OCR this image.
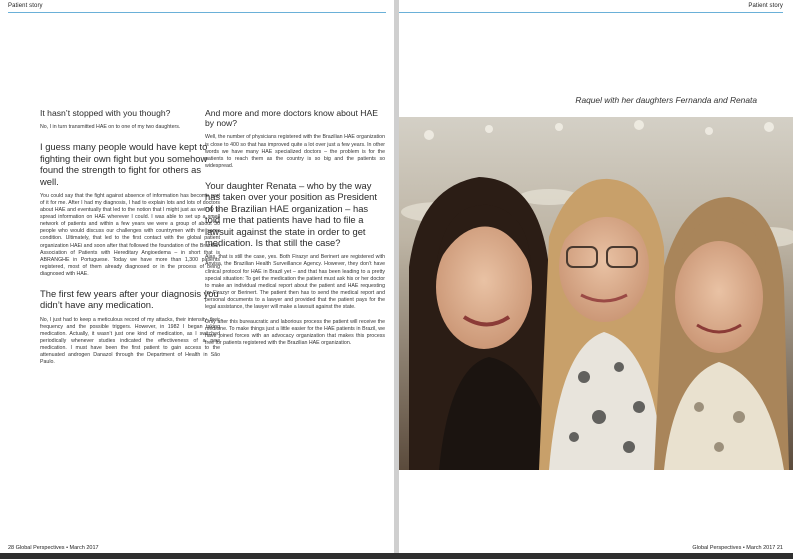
Patient story
It hasn’t stopped with you though?

No, I in turn transmitted HAE on to one of my two daughters.

I guess many people would have kept to fighting their own fight but you somehow found the strength to fight for others as well.

You could say that the fight against absence of information has become part of it for me. After I had my diagnosis, I had to explain lots and lots of doctors about HAE and eventually that led to the notion that I might just as well try to spread information on HAE wherever I could. I was able to set up a small network of patients and within a few years we were a group of about 30 people who would discuss our challenges with countrymen with the same condition. Ultimately, that led to the first contact with the global patient organization HAEi and soon after that followed the foundation of the Brazilian Association of Patients with Hereditary Angioedema – in short that is ABRANGHE in Portuguese. Today we have more than 1,300 patients registered, most of them already diagnosed or in the process of being diagnosed with HAE.

The first few years after your diagnosis you didn’t have any medication.

No, I just had to keep a meticulous record of my attacks, their intensity, their frequency and the possible triggers. However, in 1982 I began taking medication. Actually, it wasn’t just one kind of medication, as I switched periodically whenever studies indicated the effectiveness of a new medication. I must have been the first patient to gain access to the attenuated androgen Danazol through the Department of Health in São Paulo.

And more and more doctors know about HAE by now?

Well, the number of physicians registered with the Brazilian HAE organization is close to 400 so that has improved quite a lot over just a few years. In other words we have many HAE specialized doctors – the problem is for the patients to reach them as the country is so big and the patients so widespread.

Your daughter Renata – who by the way has taken over your position as President of the Brazilian HAE organization – has told me that patients have had to file a lawsuit against the state in order to get medication. Is that still the case?

Alas, that is still the case, yes. Both Firazyr and Berinert are registered with Anvisa, the Brazilian Health Surveillance Agency. However, they don’t have clinical protocol for HAE in Brazil yet – and that has been leading to a pretty special situation: To get the medication the patient must ask his or her doctor to make an individual medical report about the patient and HAE requesting for Firazyr or Berinert. The patient then has to send the medical report and personal documents to a lawyer and provided that the patient pays for the legal assistance, the lawyer will make a lawsuit against the state.

Only after this bureaucratic and laborious process the patient will receive the medicine. To make things just a little easier for the HAE patients in Brazil, we have joined forces with an advocacy organization that makes this process free for patients registered with the Brazilian HAE organization.

28 Global Perspectives • March 2017
Patient story
Raquel with her daughters Fernanda and Renata
Global Perspectives • March 2017 21
